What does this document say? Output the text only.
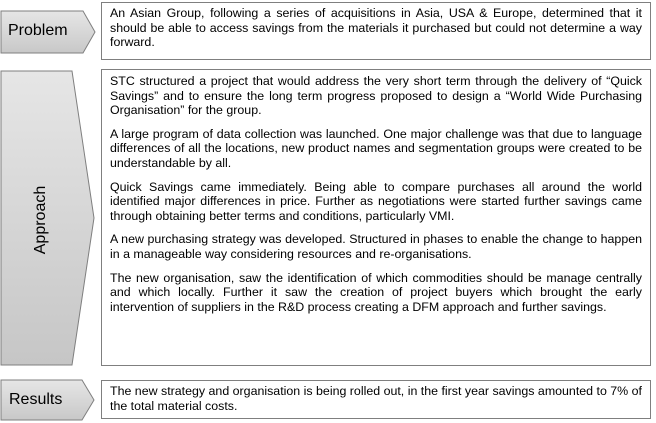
Problem

An Asian Group, following a series of acquisitions in Asia, USA & Europe, determined that it should be able to access savings from the materials it purchased but could not determine a way forward.

Approach

STC structured a project that would address the very short term through the delivery of “Quick Savings” and to ensure the long term progress proposed to design a “World Wide Purchasing Organisation” for the group.

A large program of data collection was launched. One major challenge was that due to language differences of all the locations, new product names and segmentation groups were created to be understandable by all.

Quick Savings came immediately. Being able to compare purchases all around the world identified major differences in price. Further as negotiations were started further savings came through obtaining better terms and conditions, particularly VMI.

A new purchasing strategy was developed. Structured in phases to enable the change to happen in a manageable way considering resources and re-organisations.

The new organisation, saw the identification of which commodities should be manage centrally and which locally. Further it saw the creation of project buyers which brought the early intervention of suppliers in the R&D process creating a DFM approach and further savings.

Results	The new strategy and organisation is being rolled out, in the first year savings amounted to 7% of the total material costs.
